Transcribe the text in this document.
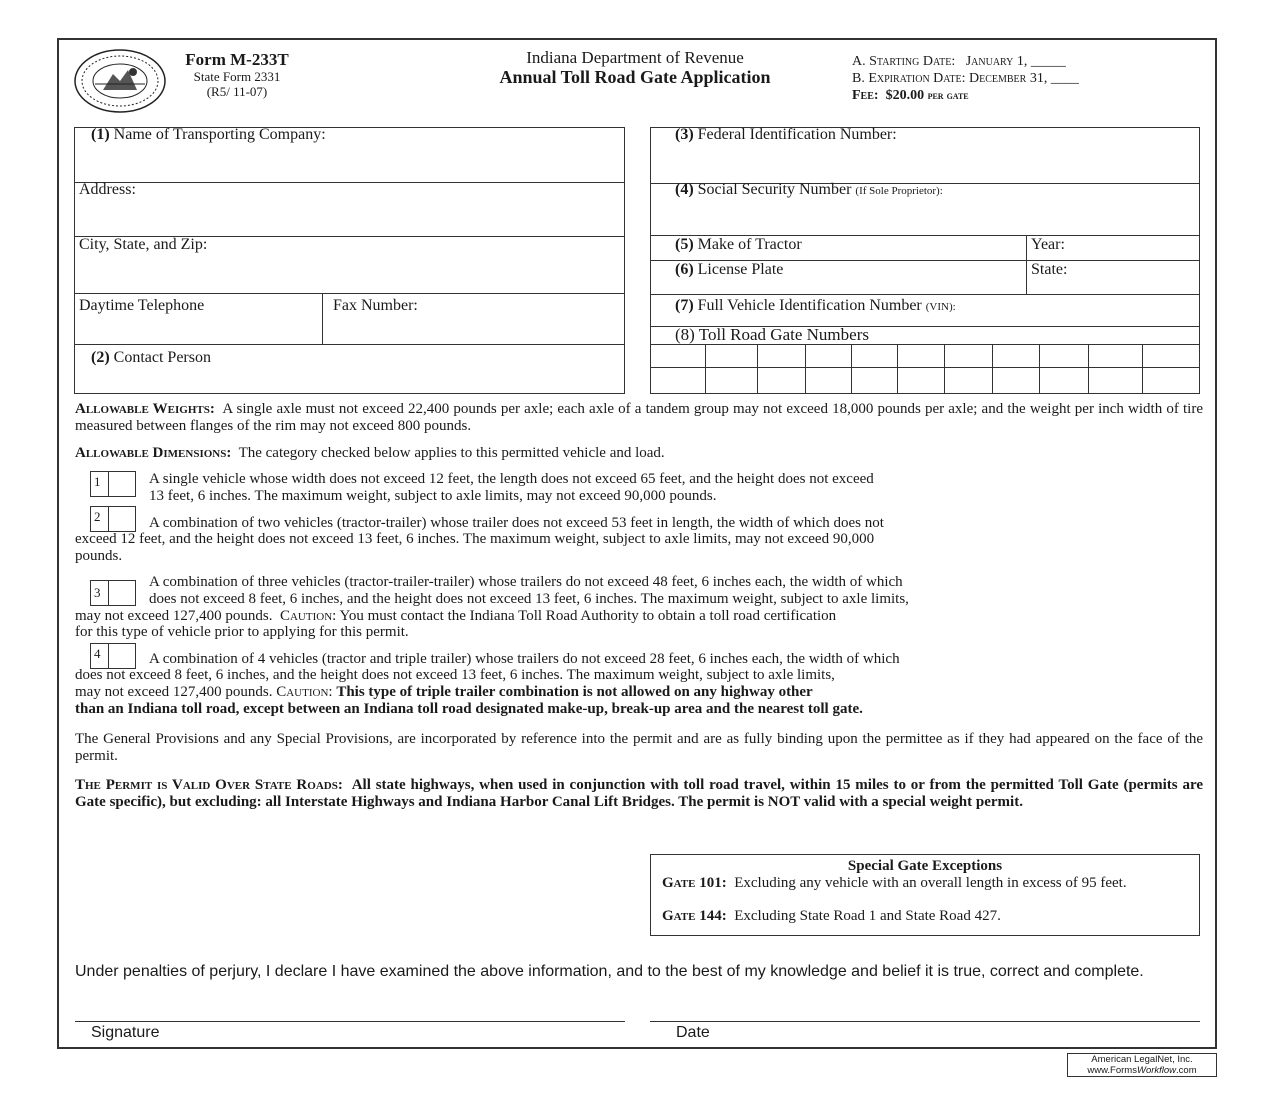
Form M-233T
State Form 2331
(R5/ 11-07)
Indiana Department of Revenue
Annual Toll Road Gate Application
A. Starting Date: January 1, _____
B. Expiration Date: December 31, ____
Fee: $20.00 per gate
(1) Name of Transporting Company:
Address:
City, State, and Zip:
Daytime Telephone	Fax Number:
(2) Contact Person
(3) Federal Identification Number:
(4) Social Security Number (If Sole Proprietor):
(5) Make of Tractor	Year:
(6) License Plate	State:
(7) Full Vehicle Identification Number (VIN):
(8) Toll Road Gate Numbers
Allowable Weights: A single axle must not exceed 22,400 pounds per axle; each axle of a tandem group may not exceed 18,000 pounds per axle; and the weight per inch width of tire measured between flanges of the rim may not exceed 800 pounds.
Allowable Dimensions: The category checked below applies to this permitted vehicle and load.
1	A single vehicle whose width does not exceed 12 feet, the length does not exceed 65 feet, and the height does not exceed
13 feet, 6 inches. The maximum weight, subject to axle limits, may not exceed 90,000 pounds.
2	A combination of two vehicles (tractor-trailer) whose trailer does not exceed 53 feet in length, the width of which does not
exceed 12 feet, and the height does not exceed 13 feet, 6 inches. The maximum weight, subject to axle limits, may not exceed 90,000
pounds.
3
A combination of three vehicles (tractor-trailer-trailer) whose trailers do not exceed 48 feet, 6 inches each, the width of which
does not exceed 8 feet, 6 inches, and the height does not exceed 13 feet, 6 inches. The maximum weight, subject to axle limits,
may not exceed 127,400 pounds. Caution: You must contact the Indiana Toll Road Authority to obtain a toll road certification
for this type of vehicle prior to applying for this permit.
4	A combination of 4 vehicles (tractor and triple trailer) whose trailers do not exceed 28 feet, 6 inches each, the width of which
does not exceed 8 feet, 6 inches, and the height does not exceed 13 feet, 6 inches. The maximum weight, subject to axle limits,
may not exceed 127,400 pounds. Caution: This type of triple trailer combination is not allowed on any highway other
than an Indiana toll road, except between an Indiana toll road designated make-up, break-up area and the nearest toll gate.
The General Provisions and any Special Provisions, are incorporated by reference into the permit and are as fully binding upon the permittee as if they had appeared on the face of the permit.
The Permit is Valid Over State Roads: All state highways, when used in conjunction with toll road travel, within 15 miles to or from the permitted Toll Gate (permits are Gate specific), but excluding: all Interstate Highways and Indiana Harbor Canal Lift Bridges. The permit is NOT valid with a special weight permit.
Special Gate Exceptions
Gate 101: Excluding any vehicle with an overall length in excess of 95 feet.
Gate 144: Excluding State Road 1 and State Road 427.
Under penalties of perjury, I declare I have examined the above information, and to the best of my knowledge and belief it is true, correct and complete.
Signature	Date
American LegalNet, Inc.
www.FormsWorkflow.com
